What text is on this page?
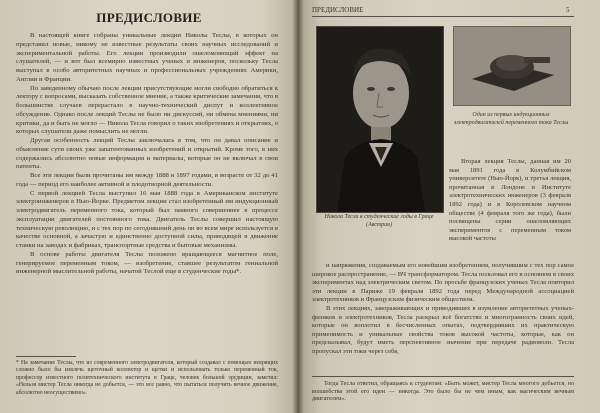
ПРЕДИСЛОВИЕ

В настоящей книге собраны уникальные лекции Николы Теслы, в которых он представил новые, никому не известные результаты своих научных исследований и экспериментальной работы. Его лекции производили ошеломляющий эффект на слушателей, — и вот был всемирно известных ученых и инженеров, поскольку Тесла выступал в особо авторитетных научных и профессиональных учреждениях Америки, Англии и Франции.

По заведенному обычаю после лекции присутствующие могли свободно обратиться к лектору с вопросами, высказать собственное мнение, а также критические замечания, что в большинстве случаев перерастало в научно-технический диспут и коллективное обсуждение. Однако после лекций Теслы не было ни дискуссий, ни обмена мнениями, ни критики, да и быть не могло — Никола Тесла говорил о таких изобретениях и открытиях, о которых слушатели даже помыслить не могли.

Другая особенность лекций Теслы заключалась в том, что он давал описание и объяснение сути своих уже запатентованных изобретений и открытий. Кроме того, в них содержались абсолютно новые информация и материалы, которые он не включал в свои патенты.

Все эти лекции были прочитаны им между 1888 и 1897 годами, в возрасте от 32 до 41 года — период его наиболее активной и плодотворной деятельности.

С первой лекцией Тесла выступил 16 мая 1888 года в Американском институте электроинженеров в Нью-Йорке. Предметом лекции стал изобретенный им индукционный электродвигатель переменного тока, который был намного совершеннее в процессе эксплуатации двигателей постоянного тока. Двигатель Теслы совершил настоящую техническую революцию, и с тех пор по сегодняшний день он во всем мире используется в качестве основной, а зачастую и единственно доступной силы, приводящей в движение станки на заводах и фабриках, транспортные средства и бытовые механизмы.

В основе работы двигателя Теслы положено вращающееся магнитное поле, генерируемое переменным током, — изобретение, ставшее результатом гениальной инженерной мыслительной работы, начатой Теслой еще в студенческие годы*.

* На замечание Теслы, что из современного электродвигателя, который создавал с помощью искрящих сложно было бы извлечь щеточный коллектор и щетки и использовать только переменный ток, профессор известного политехнического института в Граце, человек большой эрудиции, заметил: «Нельзя мистер Тесла никогда не добьется, — это все равно, что пытаться получить вечное движение, абсолютно неосуществимо».
ПРЕДИСЛОВИЕ	5
Никола Тесла в студенческие годы в Граце (Австрия)
Один из первых индукционных электродвигателей переменного тока Теслы

Вторая лекция Теслы, данная им 20 мая 1891 года в Колумбийском университете (Нью-Йорк), и третья лекция, прочитанная в Лондоне в Институте электротехнических инженеров (3 февраля 1892 года) и в Королевском научном обществе (4 февраля того же года), были посвящены серии ошеломляющих экспериментов с переменным током высокой частоты

и напряжения, создаваемым его новейшим изобретением, получившим с тех пор самое широкое распространение, — ВЧ трансформатором. Тесла пользовал его в основном в своих экспериментах над электрическим светом. По просьбе французских ученых Тесла повторил эти лекции в Париже 19 февраля 1892 года перед Международной ассоциацией электротехников и Французским физическим обществом.

В этих лекциях, завораживающих и приводивших в изумление авторитетных ученых-физиков и электротехников, Тесла раскрыл всё богатство и многогранность своих идей, которые он воплотил в бесчисленных опытах, подтвердивших их практическую применимость и уникальные свойства токов высокой частоты, которые, как он предсказывал, будут иметь перспективное значение при передаче радиоволн. Тесла пропускал эти токи через себя,

Тогда Тесла ответил, обращаясь к студентам: «Быть может, мистер Тесла многого добьется, но волшебства этой его идеи — никогда. Это было бы не чем иным, как магическим вечным двигателем».
